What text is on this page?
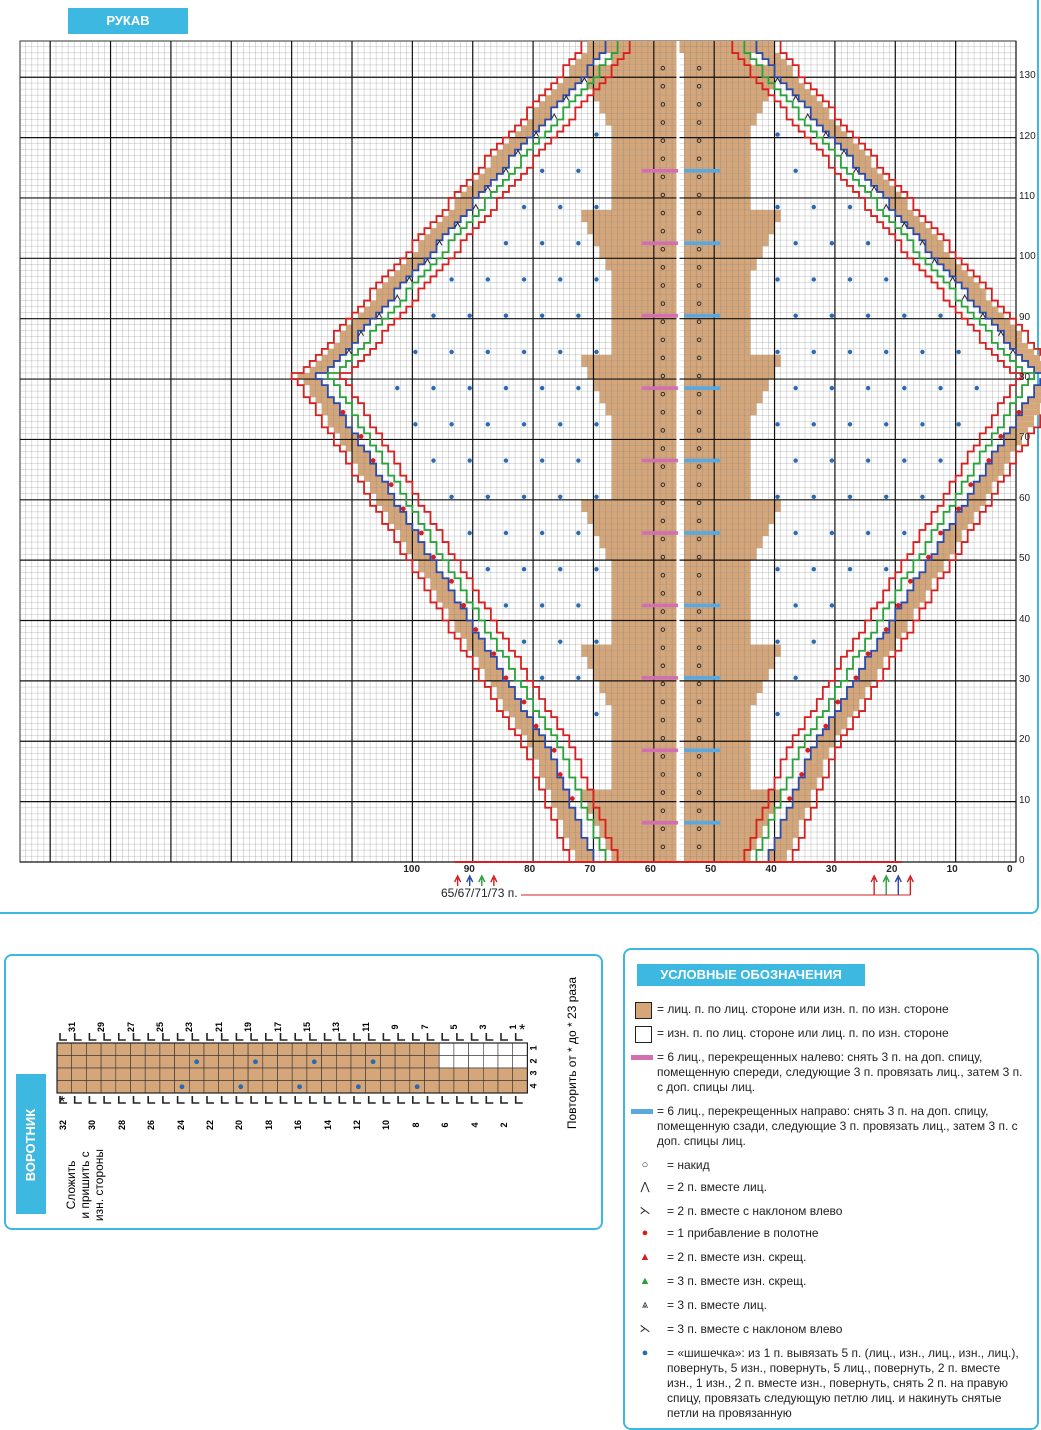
РУКАВ
0
10
20
30
40
50
60
70
80
90
100
110
120
130
100	90	80	70	60	50	40	30	20	10	0
65/67/71/73 п.
ВОРОТНИК
31 29 27 25 23 21 19 17 15 13 11 9 7 5 3 1
32 30 28 26 24 22 20 18 16 14 12 10 8 6 4 2
1
2
3
4
*
*	Повторить от * до * 23 раза
Сложить и пришить с изн. стороны
УСЛОВНЫЕ ОБОЗНАЧЕНИЯ
= лиц. п. по лиц. стороне или изн. п. по изн. стороне
= изн. п. по лиц. стороне или лиц. п. по изн. стороне
= 6 лиц., перекрещенных налево: снять 3 п. на доп. спицу, помещенную спереди, следующие 3 п. провязать лиц., затем 3 п. с доп. спицы лиц.
= 6 лиц., перекрещенных направо: снять 3 п. на доп. спицу, помещенную сзади, следующие 3 п. провязать лиц., затем 3 п. с доп. спицы лиц.
○	= накид
⋀	= 2 п. вместе лиц.
⋋	= 2 п. вместе с наклоном влево
●	= 1 прибавление в полотне
▲	= 2 п. вместе изн. скрещ.
▲	= 3 п. вместе изн. скрещ.
⩓	= 3 п. вместе лиц.
⋋	= 3 п. вместе с наклоном влево
●	= «шишечка»: из 1 п. вывязать 5 п. (лиц., изн., лиц., изн., лиц.), повернуть, 5 изн., повернуть, 5 лиц., повернуть, 2 п. вместе изн., 1 изн., 2 п. вместе изн., повернуть, снять 2 п. на правую спицу, провязать следующую петлю лиц. и накинуть снятые петли на провязанную
